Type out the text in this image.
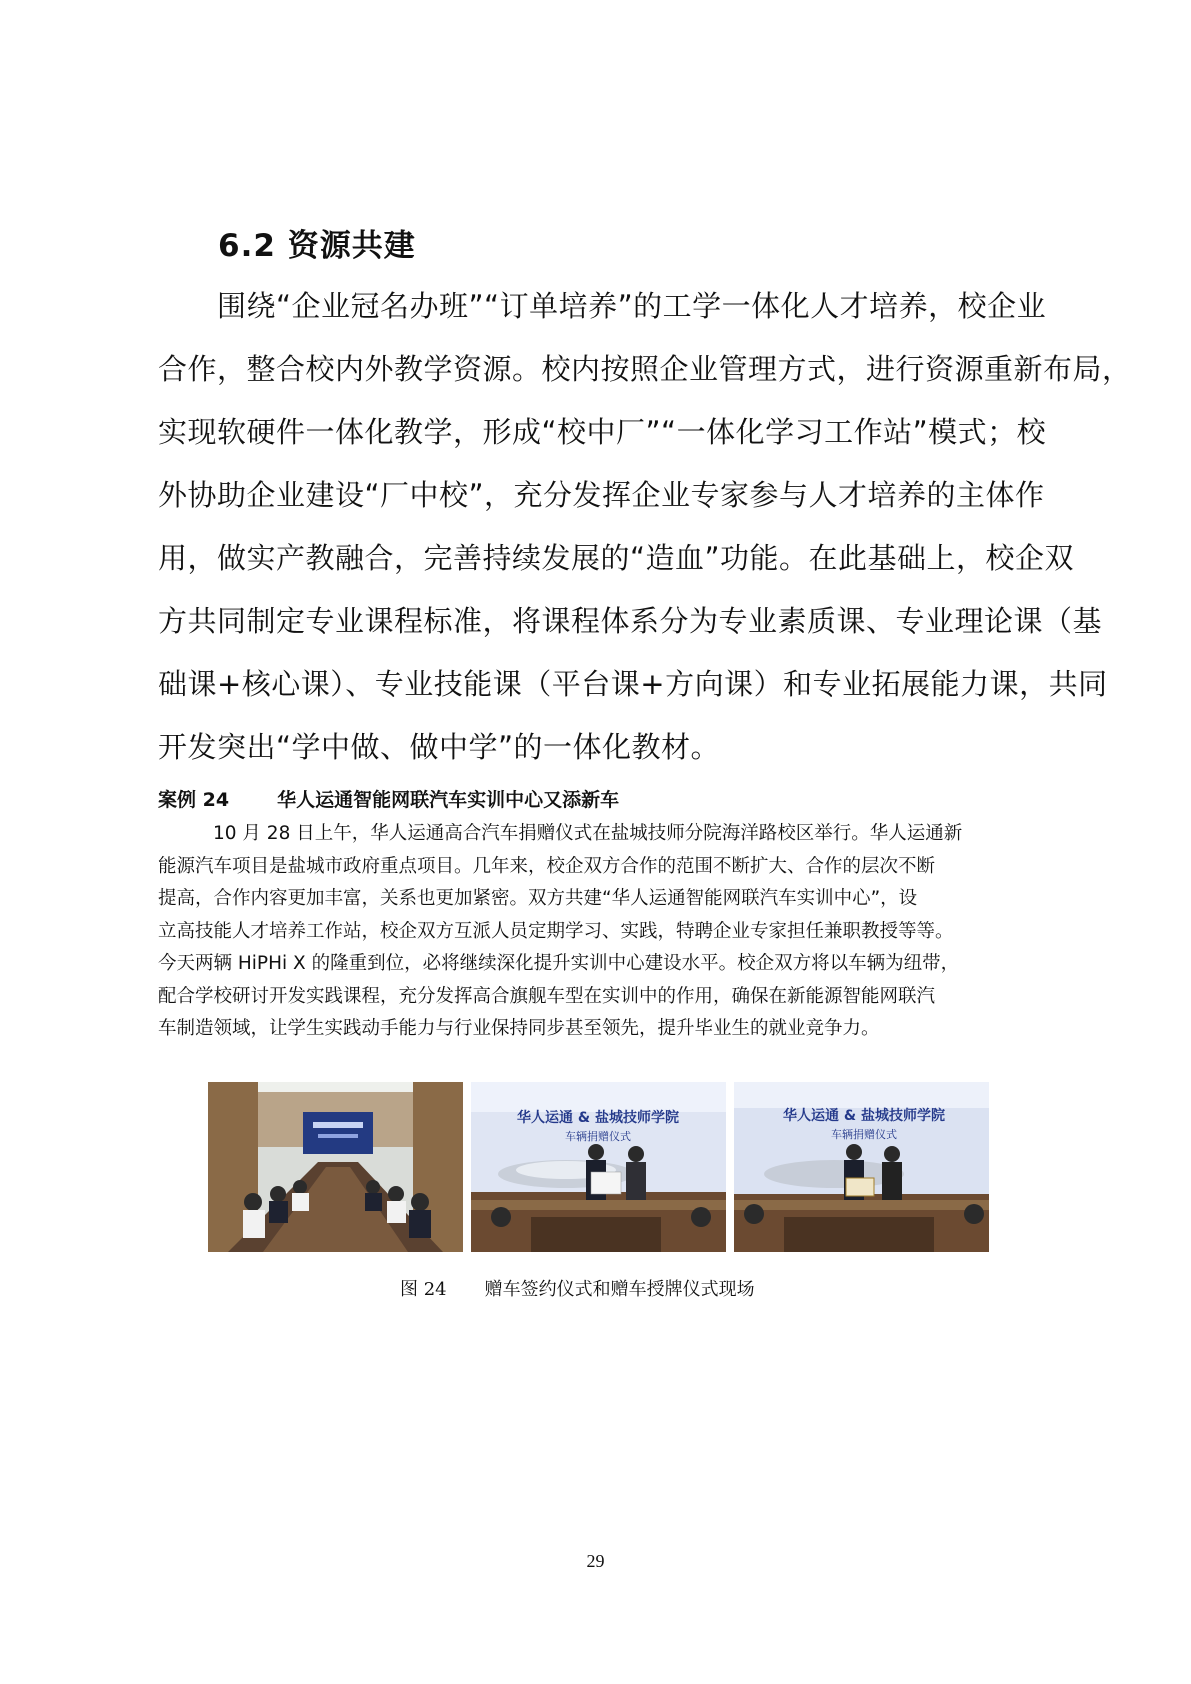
6.2 资源共建
围绕“企业冠名办班”“订单培养”的工学一体化人才培养，校企业
合作，整合校内外教学资源。校内按照企业管理方式，进行资源重新布局，
实现软硬件一体化教学，形成“校中厂”“一体化学习工作站”模式；校
外协助企业建设“厂中校”，充分发挥企业专家参与人才培养的主体作
用，做实产教融合，完善持续发展的“造血”功能。在此基础上，校企双
方共同制定专业课程标准，将课程体系分为专业素质课、专业理论课（基
础课+核心课）、专业技能课（平台课+方向课）和专业拓展能力课，共同
开发突出“学中做、做中学”的一体化教材。
案例 24	华人运通智能网联汽车实训中心又添新车
10 月 28 日上午，华人运通高合汽车捐赠仪式在盐城技师分院海洋路校区举行。华人运通新
能源汽车项目是盐城市政府重点项目。几年来，校企双方合作的范围不断扩大、合作的层次不断
提高，合作内容更加丰富，关系也更加紧密。双方共建“华人运通智能网联汽车实训中心”，设
立高技能人才培养工作站，校企双方互派人员定期学习、实践，特聘企业专家担任兼职教授等等。
今天两辆 HiPHi X 的隆重到位，必将继续深化提升实训中心建设水平。校企双方将以车辆为纽带，
配合学校研讨开发实践课程，充分发挥高合旗舰车型在实训中的作用，确保在新能源智能网联汽
车制造领域，让学生实践动手能力与行业保持同步甚至领先，提升毕业生的就业竞争力。
华人运通 & 盐城技师学院
车辆捐赠仪式
华人运通 & 盐城技师学院
车辆捐赠仪式
图 24 赠车签约仪式和赠车授牌仪式现场
29
